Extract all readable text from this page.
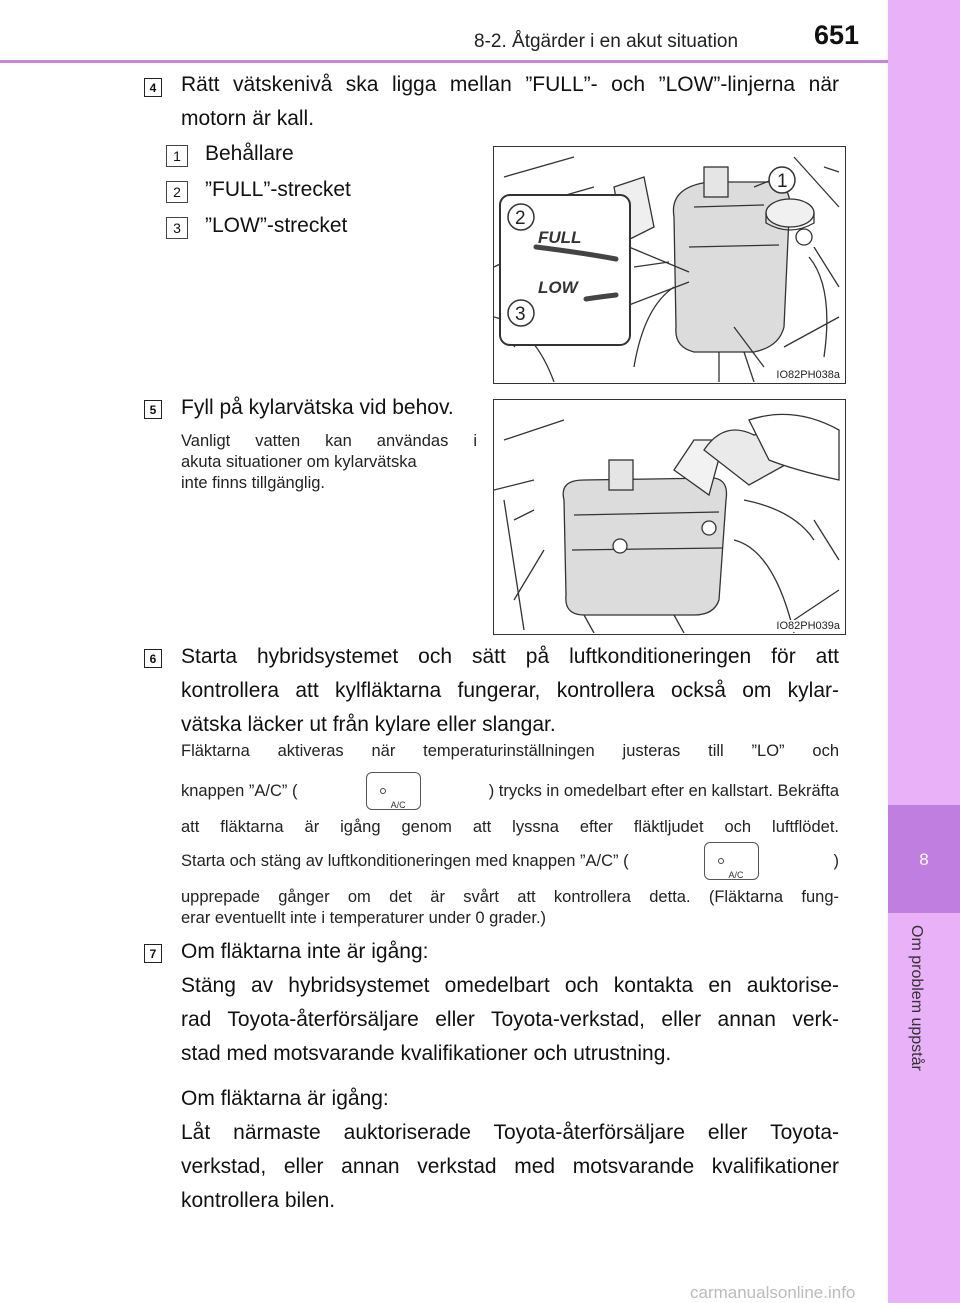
8-2. Åtgärder i en akut situation	651
8
Om problem uppstår
4 Rätt vätskenivå ska ligga mellan ”FULL”- och ”LOW”-linjerna när
motorn är kall.
1	Behållare
2	”FULL”-strecket
3	”LOW”-strecket
FULL
LOW
1
2
3
IO82PH038a
5 Fyll på kylarvätska vid behov.
Vanligt vatten kan användas i
akuta situationer om kylarvätska
inte finns tillgänglig.
IO82PH039a
6 Starta hybridsystemet och sätt på luftkonditioneringen för att
kontrollera att kylfläktarna fungerar, kontrollera också om kylar-
vätska läcker ut från kylare eller slangar.
Fläktarna aktiveras när temperaturinställningen justeras till ”LO” och
knappen ”A/C” (
A/C
) trycks in omedelbart efter en kallstart. Bekräfta
att fläktarna är igång genom att lyssna efter fläktljudet och luftflödet.
Starta och stäng av luftkonditioneringen med knappen ”A/C” (
A/C
)
upprepade gånger om det är svårt att kontrollera detta. (Fläktarna fung-
erar eventuellt inte i temperaturer under 0 grader.)
7 Om fläktarna inte är igång:
Stäng av hybridsystemet omedelbart och kontakta en auktorise-
rad Toyota-återförsäljare eller Toyota-verkstad, eller annan verk-
stad med motsvarande kvalifikationer och utrustning.
Om fläktarna är igång:
Låt närmaste auktoriserade Toyota-återförsäljare eller Toyota-
verkstad, eller annan verkstad med motsvarande kvalifikationer
kontrollera bilen.
carmanualsonline.info
